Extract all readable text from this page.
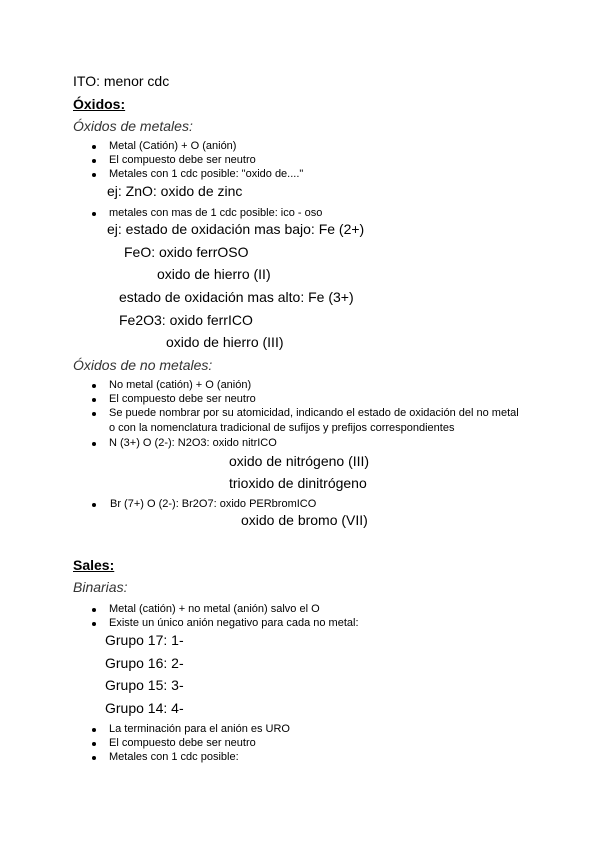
ITO: menor cdc
Óxidos:
Óxidos de metales:
Metal (Catión) + O (anión)
El compuesto debe ser neutro
Metales con 1 cdc posible: "oxido de...."
ej: ZnO: oxido de zinc
metales con mas de 1 cdc posible: ico - oso
ej: estado de oxidación mas bajo: Fe (2+)
FeO: oxido ferrOSO
oxido de hierro (II)
estado de oxidación mas alto: Fe (3+)
Fe2O3: oxido ferrICO
oxido de hierro (III)
Óxidos de no metales:
No metal (catión) + O (anión)
El compuesto debe ser neutro
Se puede nombrar por su atomicidad, indicando el estado de oxidación del no metal
o con la nomenclatura tradicional de sufijos y prefijos correspondientes
N (3+) O (2-): N2O3: oxido nitrICO
oxido de nitrógeno (III)
trioxido de dinitrógeno
Br (7+) O (2-): Br2O7: oxido PERbromICO
oxido de bromo (VII)
Sales:
Binarias:
Metal (catión) + no metal (anión) salvo el O
Existe un único anión negativo para cada no metal:
Grupo 17: 1-
Grupo 16: 2-
Grupo 15: 3-
Grupo 14: 4-
La terminación para el anión es URO
El compuesto debe ser neutro
Metales con 1 cdc posible:
